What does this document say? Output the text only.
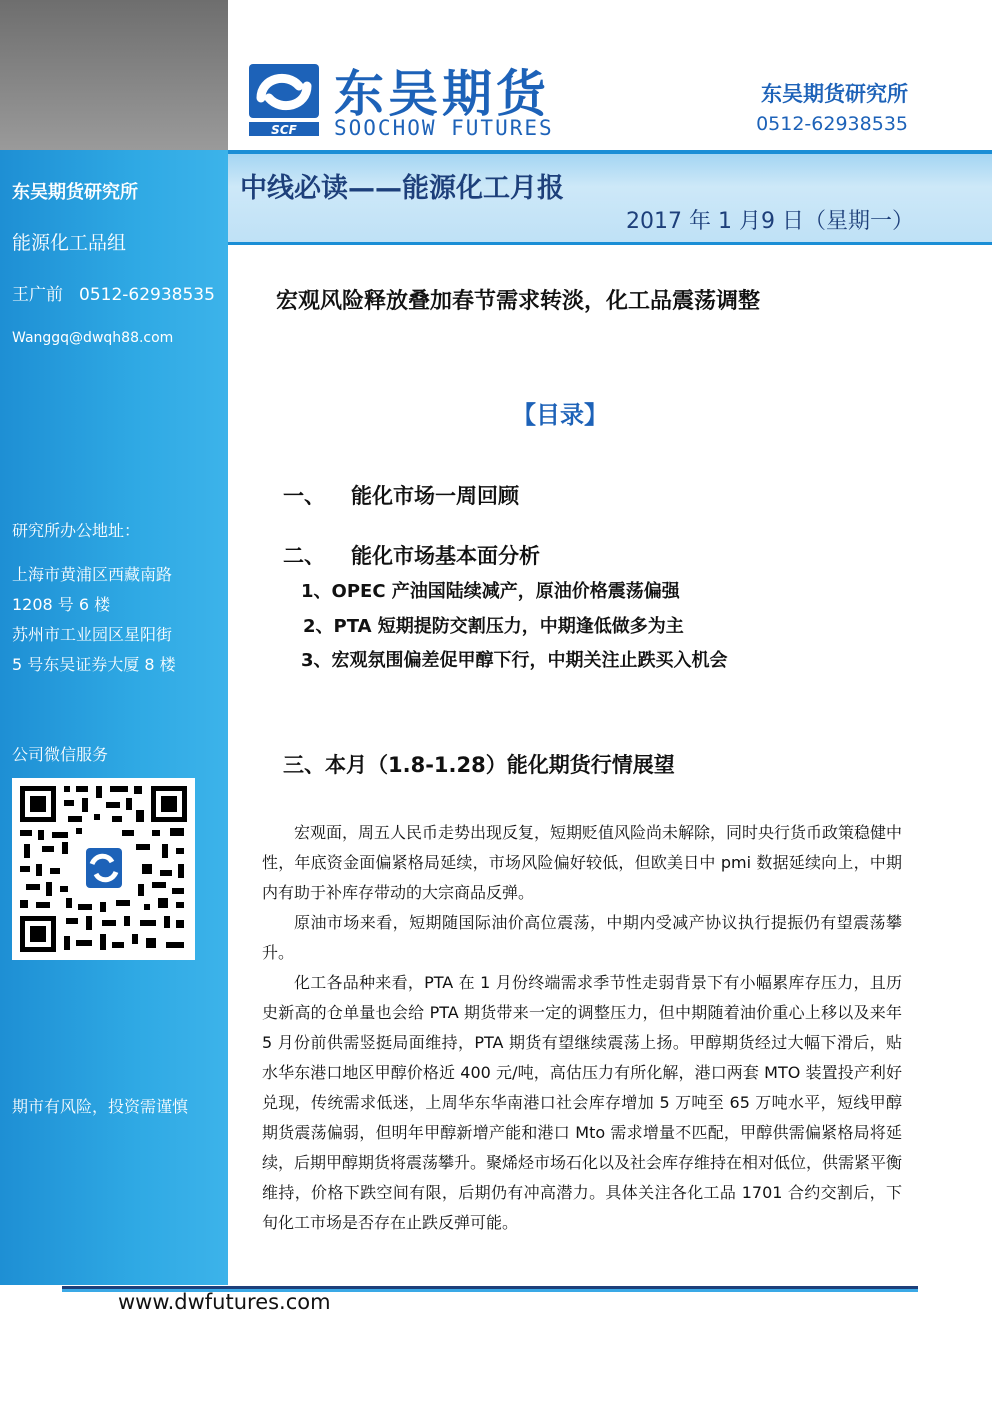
东吴期货研究所
能源化工品组
王广前 0512-62938535
Wanggq@dwqh88.com
研究所办公地址：
上海市黄浦区西藏南路
1208 号 6 楼
苏州市工业园区星阳街
5 号东吴证券大厦 8 楼
公司微信服务
期市有风险，投资需谨慎
SCF
东吴期货
SOOCHOW FUTURES
东吴期货研究所
0512-62938535
中线必读——能源化工月报
2017 年 1 月9 日（星期一）
宏观风险释放叠加春节需求转淡，化工品震荡调整
【目录】
一、 能化市场一周回顾
二、 能化市场基本面分析
1、OPEC 产油国陆续减产，原油价格震荡偏强
2、PTA 短期提防交割压力，中期逢低做多为主
3、宏观氛围偏差促甲醇下行，中期关注止跌买入机会
三、本月（1.8-1.28）能化期货行情展望

宏观面，周五人民币走势出现反复，短期贬值风险尚未解除，同时央行货币政策稳健中性，年底资金面偏紧格局延续，市场风险偏好较低，但欧美日中 pmi 数据延续向上，中期内有助于补库存带动的大宗商品反弹。

原油市场来看，短期随国际油价高位震荡，中期内受减产协议执行提振仍有望震荡攀升。

化工各品种来看，PTA 在 1 月份终端需求季节性走弱背景下有小幅累库存压力，且历史新高的仓单量也会给 PTA 期货带来一定的调整压力，但中期随着油价重心上移以及来年 5 月份前供需竖挺局面维持，PTA 期货有望继续震荡上扬。甲醇期货经过大幅下滑后，贴水华东港口地区甲醇价格近 400 元/吨，高估压力有所化解，港口两套 MTO 装置投产利好兑现，传统需求低迷，上周华东华南港口社会库存增加 5 万吨至 65 万吨水平，短线甲醇期货震荡偏弱，但明年甲醇新增产能和港口 Mto 需求增量不匹配，甲醇供需偏紧格局将延续，后期甲醇期货将震荡攀升。聚烯烃市场石化以及社会库存维持在相对低位，供需紧平衡维持，价格下跌空间有限，后期仍有冲高潜力。具体关注各化工品 1701 合约交割后，下旬化工市场是否存在止跌反弹可能。

www.dwfutures.com
